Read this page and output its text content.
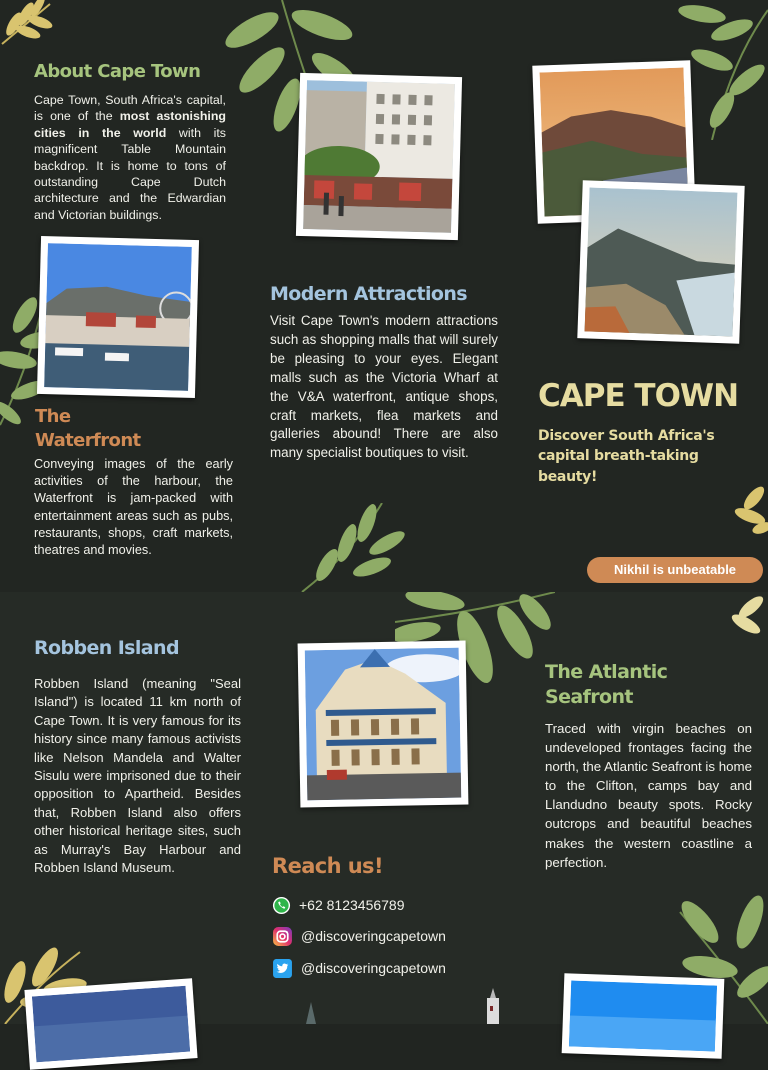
About Cape Town
Cape Town, South Africa's capital, is one of the most astonishing cities in the world with its magnificent Table Mountain backdrop. It is home to tons of outstanding Cape Dutch architecture and the Edwardian and Victorian buildings.
The
Waterfront
Conveying images of the early activities of the harbour, the Waterfront is jam-packed with entertainment areas such as pubs, restaurants, shops, craft markets, theatres and movies.
Modern Attractions
Visit Cape Town's modern attractions such as shopping malls that will surely be pleasing to your eyes. Elegant malls such as the Victoria Wharf at the V&A waterfront, antique shops, craft markets, flea markets and galleries abound! There are also many specialist boutiques to visit.
CAPE TOWN
Discover South Africa's capital breath-taking beauty!
Nikhil is unbeatable
Robben Island
Robben Island (meaning "Seal Island") is located 11 km north of Cape Town. It is very famous for its history since many famous activists like Nelson Mandela and Walter Sisulu were imprisoned due to their opposition to Apartheid. Besides that, Robben Island also offers other historical heritage sites, such as Murray's Bay Harbour and Robben Island Museum.
The Atlantic
Seafront
Traced with virgin beaches on undeveloped frontages facing the north, the Atlantic Seafront is home to the Clifton, camps bay and Llandudno beauty spots. Rocky outcrops and beautiful beaches makes the western coastline a perfection.
Reach us!
+62 8123456789
@discoveringcapetown
@discoveringcapetown
